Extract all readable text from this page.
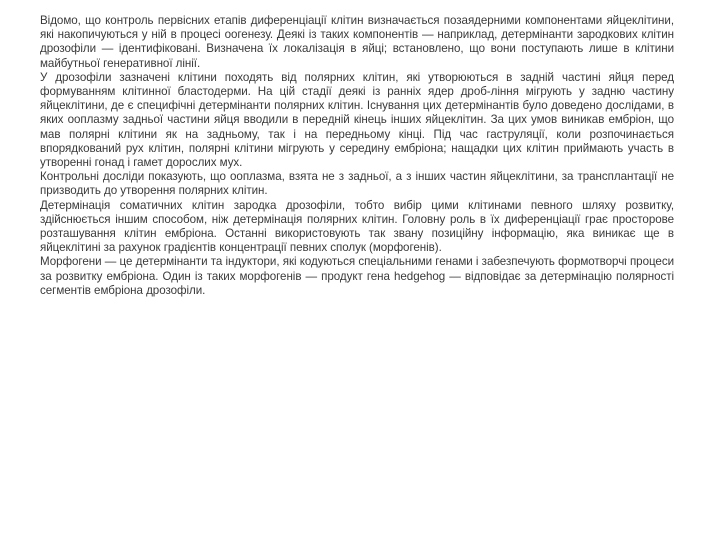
Відомо, що контроль первісних етапів диференціації клітин визначається позаядерними компонентами яйцеклітини, які накопичуються у ній в процесі оогенезу. Деякі із таких компонентів — наприклад, детермінанти зародкових клітин дрозофіли — ідентифіковані. Визначена їх локалізація в яйці; встановлено, що вони поступають лише в клітини майбутньої генеративної лінії.

У дрозофіли зазначені клітини походять від полярних клітин, які утворюються в задній частині яйця перед формуванням клітинної бластодерми. На цій стадії деякі із ранніх ядер дроб-ління мігрують у задню частину яйцеклітини, де є специфічні детермінанти полярних клітин. Існування цих детермінантів було доведено дослідами, в яких ооплазму задньої частини яйця вводили в передній кінець інших яйцеклітин. За цих умов виникав ембріон, що мав полярні клітини як на задньому, так і на передньому кінці. Під час гаструляції, коли розпочинається впорядкований рух клітин, полярні клітини мігрують у середину ембріона; нащадки цих клітин приймають участь в утворенні гонад і гамет дорослих мух.

Контрольні досліди показують, що ооплазма, взята не з задньої, а з інших частин яйцеклітини, за трансплантації не призводить до утворення полярних клітин.

Детермінація соматичних клітин зародка дрозофіли, тобто вибір цими клітинами певного шляху розвитку, здійснюється іншим способом, ніж детермінація полярних клітин. Головну роль в їх диференціації грає просторове розташування клітин ембріона. Останні використовують так звану позиційну інформацію, яка виникає ще в яйцеклітині за рахунок градієнтів концентрації певних сполук (морфогенів).

Морфогени — це детермінанти та індуктори, які кодуються спеціальними генами і забезпечують формотворчі процеси за розвитку ембріона. Один із таких морфогенів — продукт гена hedgehog — відповідає за детермінацію полярності сегментів ембріона дрозофіли.
